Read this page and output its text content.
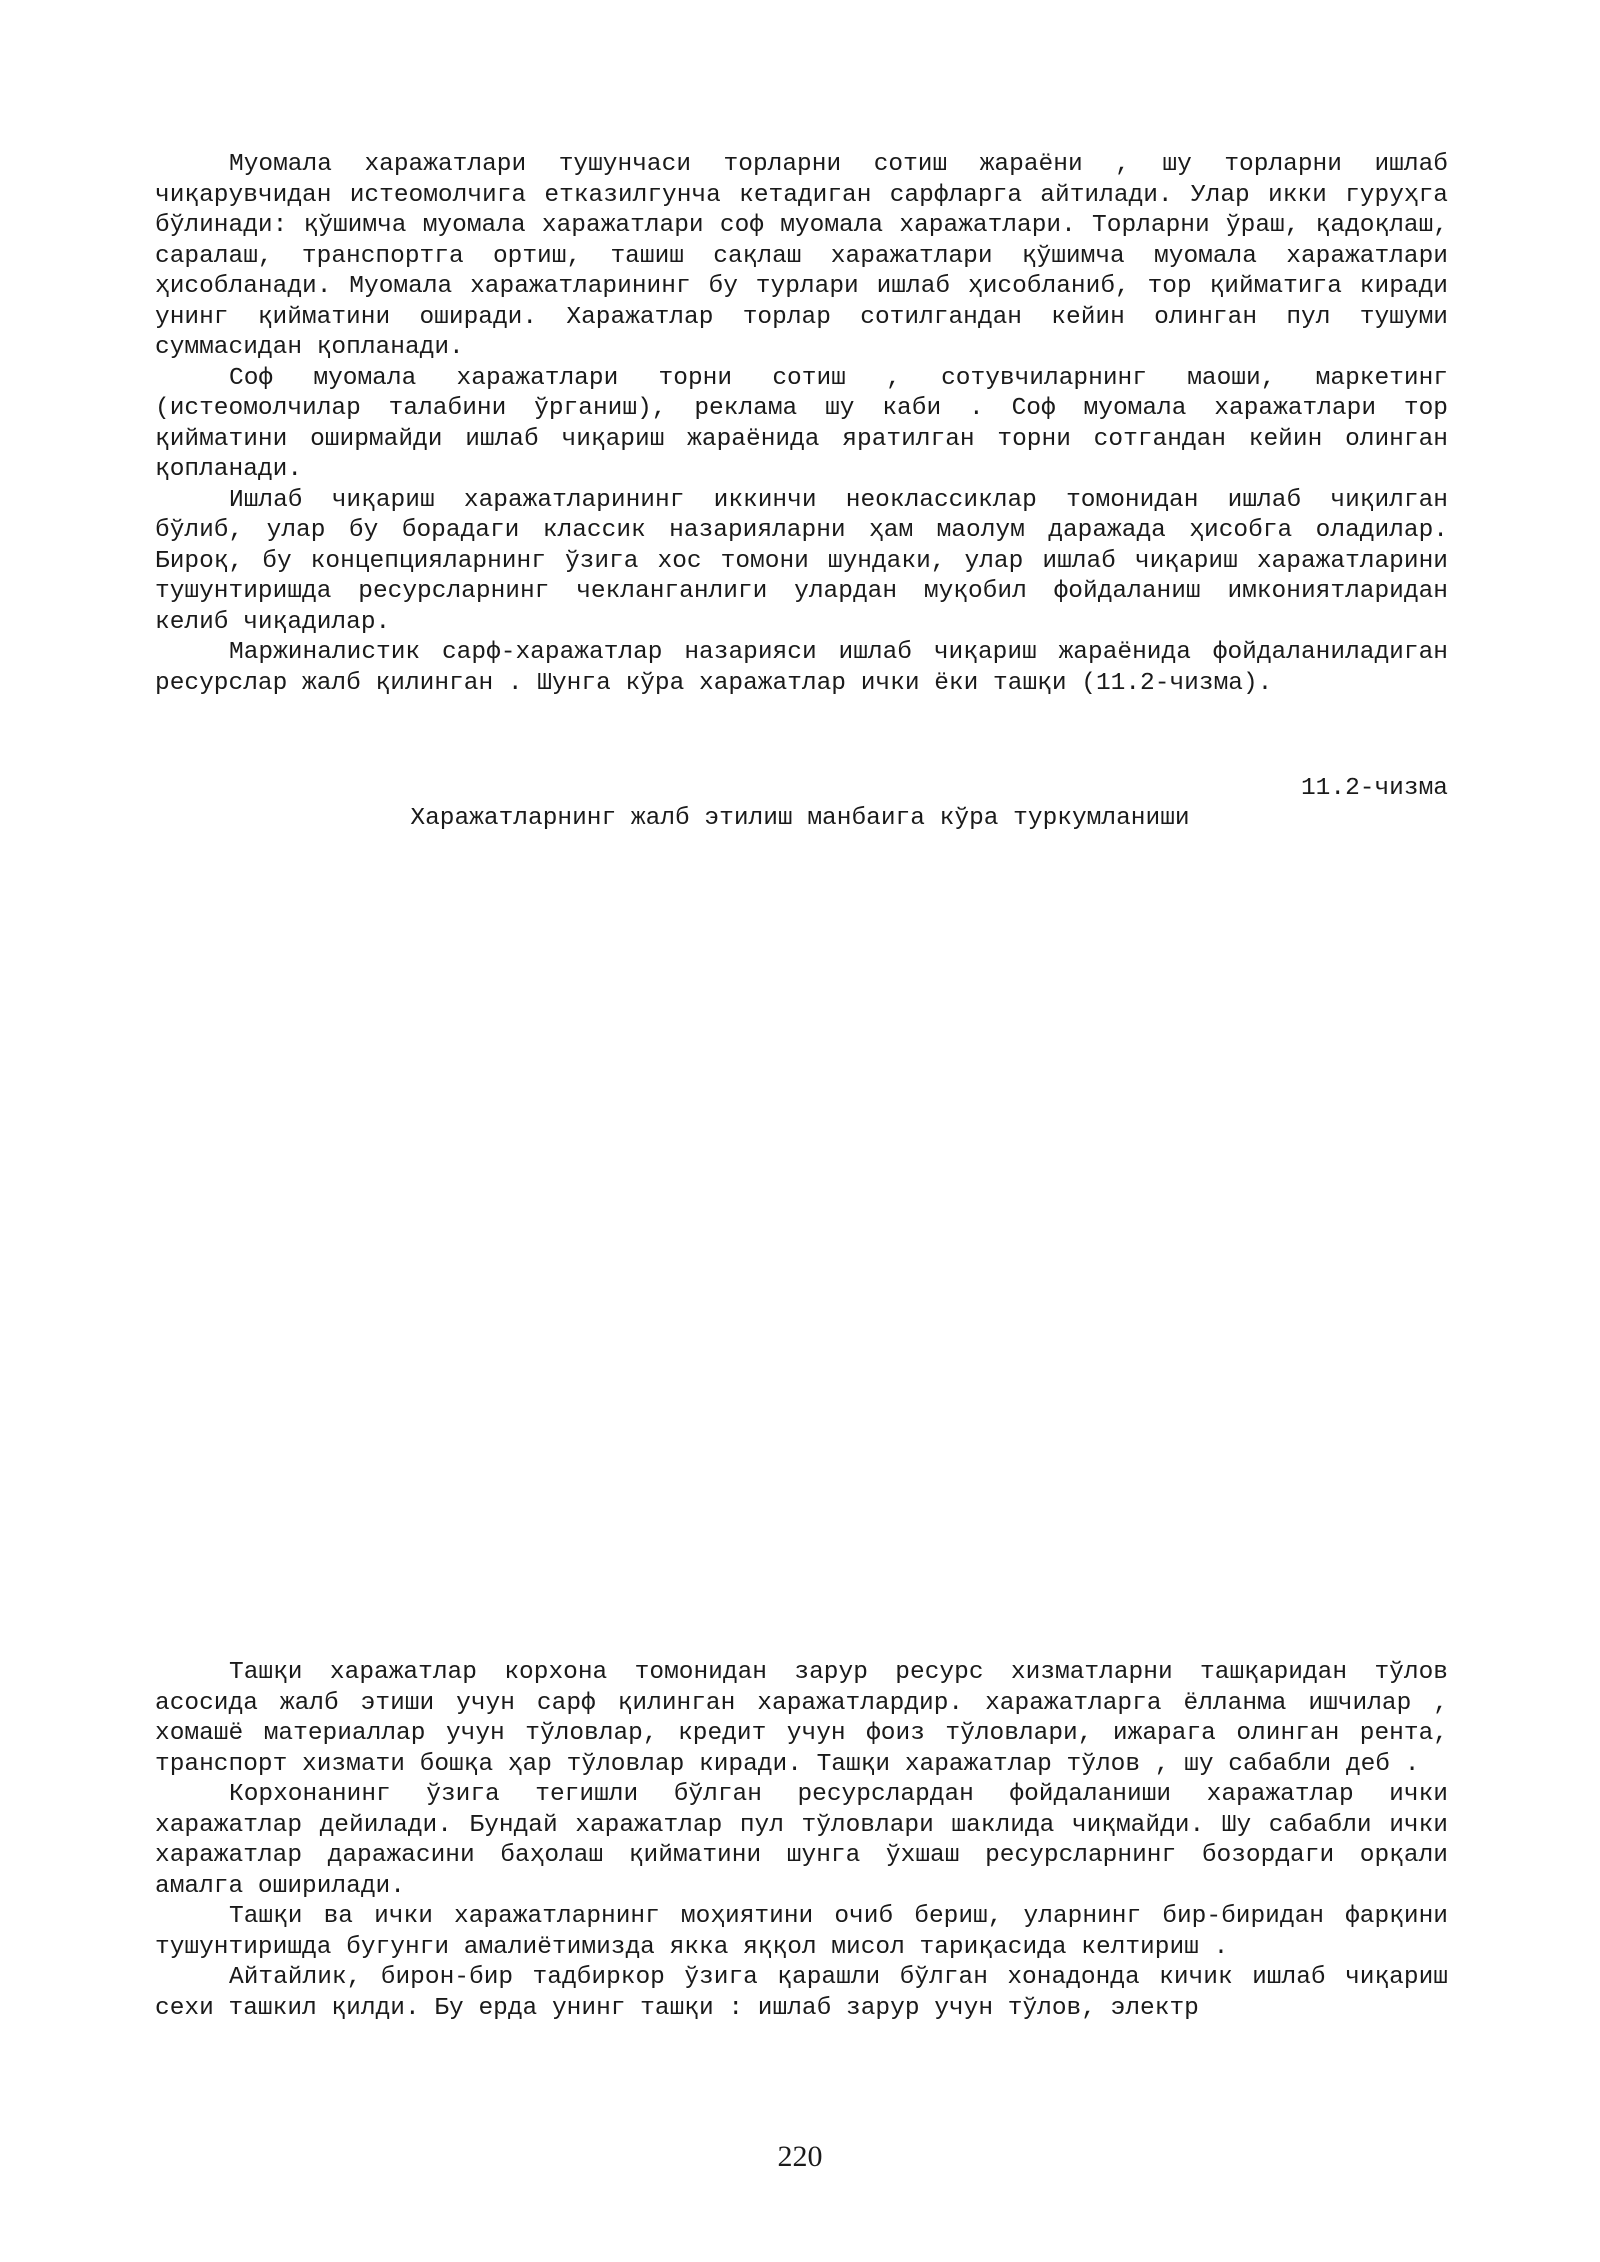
Муомала харажатлари тушунчаси торларни сотиш жараёни , шу торларни ишлаб чиқарувчидан истеомолчига етказилгунча кетадиган сарфларга айтилади. Улар икки гуруҳга бўлинади: қўшимча муомала харажатлари соф муомала харажатлари. Торларни ўраш, қадоқлаш, саралаш, транспортга ортиш, ташиш сақлаш харажатлари қўшимча муомала харажатлари ҳисобланади. Муомала харажатларининг бу турлари ишлаб ҳисобланиб, тор қийматига киради унинг қийматини оширади. Харажатлар торлар сотилгандан кейин олинган пул тушуми суммасидан қопланади.

Соф муомала харажатлари торни сотиш , сотувчиларнинг маоши, маркетинг (истеомолчилар талабини ўрганиш), реклама шу каби . Соф муомала харажатлари тор қийматини оширмайди ишлаб чиқариш жараёнида яратилган торни сотгандан кейин олинган қопланади.

Ишлаб чиқариш харажатларининг иккинчи неоклассиклар томонидан ишлаб чиқилган бўлиб, улар бу борадаги классик назарияларни ҳам маолум даражада ҳисобга оладилар. Бироқ, бу концепцияларнинг ўзига хос томони шундаки, улар ишлаб чиқариш харажатларини тушунтиришда ресурсларнинг чекланганлиги улардан муқобил фойдаланиш имкониятларидан келиб чиқадилар.

Маржиналистик сарф-харажатлар назарияси ишлаб чиқариш жараёнида фойдаланиладиган ресурслар жалб қилинган . Шунга кўра харажатлар ички ёки ташқи (11.2-чизма).

11.2-чизма
Харажатларнинг жалб этилиш манбаига кўра туркумланиши

Ташқи харажатлар корхона томонидан зарур ресурс хизматларни ташқаридан тўлов асосида жалб этиши учун сарф қилинган харажатлардир. харажатларга ёлланма ишчилар , хомашё материаллар учун тўловлар, кредит учун фоиз тўловлари, ижарага олинган рента, транспорт хизмати бошқа ҳар тўловлар киради. Ташқи харажатлар тўлов , шу сабабли деб .

Корхонанинг ўзига тегишли бўлган ресурслардан фойдаланиши харажатлар ички харажатлар дейилади. Бундай харажатлар пул тўловлари шаклида чиқмайди. Шу сабабли ички харажатлар даражасини баҳолаш қийматини шунга ўхшаш ресурсларнинг бозордаги орқали амалга оширилади.

Ташқи ва ички харажатларнинг моҳиятини очиб бериш, уларнинг бир-биридан фарқини тушунтиришда бугунги амалиётимизда якка яққол мисол тариқасида келтириш .

Айтайлик, бирон-бир тадбиркор ўзига қарашли бўлган хонадонда кичик ишлаб чиқариш сехи ташкил қилди. Бу ерда унинг ташқи : ишлаб зарур учун тўлов, электр

220
